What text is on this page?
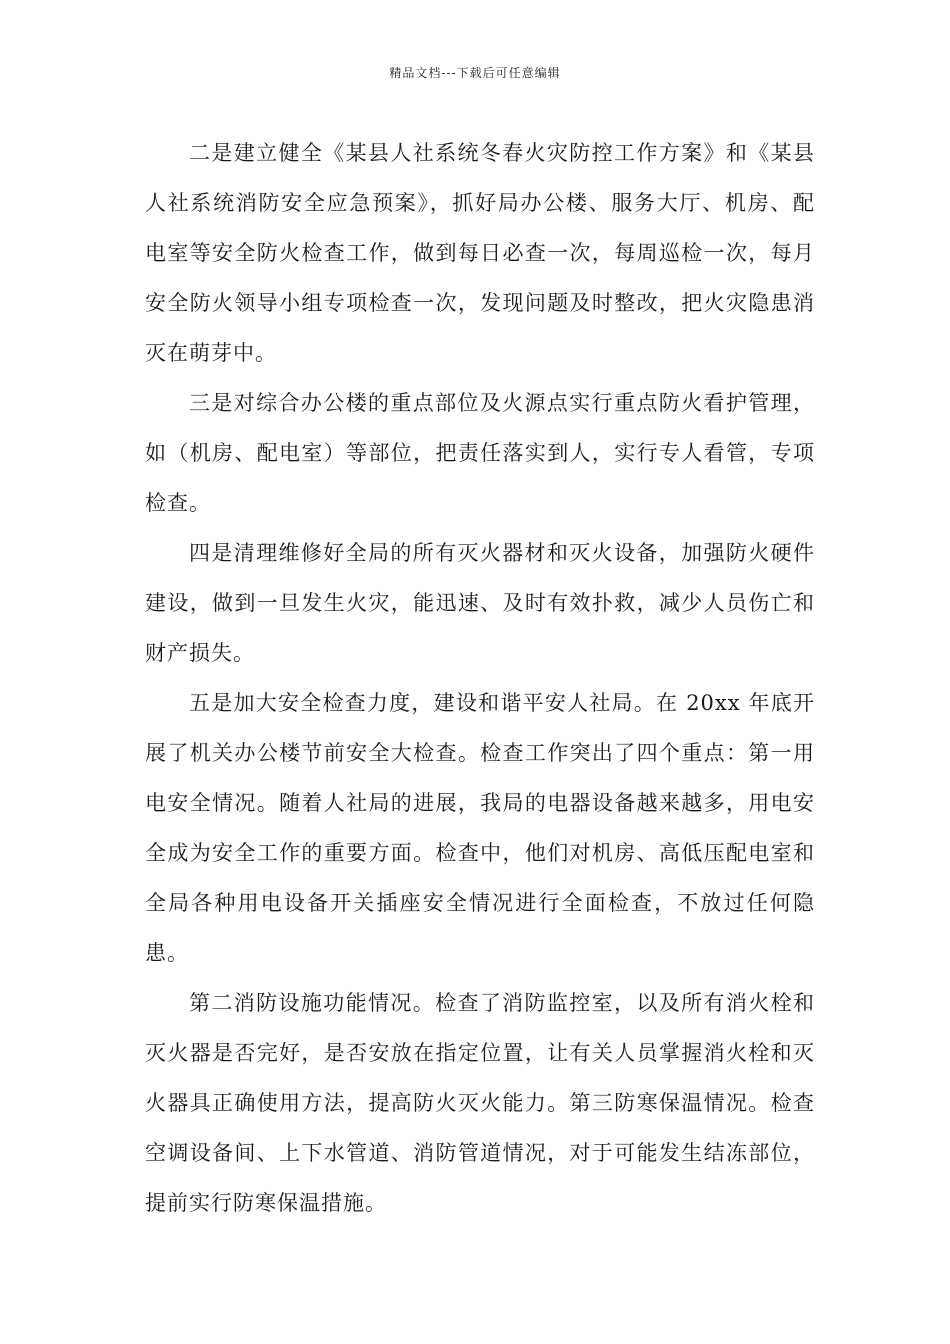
精品文档---下载后可任意编辑

二是建立健全《某县人社系统冬春火灾防控工作方案》和《某县人社系统消防安全应急预案》，抓好局办公楼、服务大厅、机房、配电室等安全防火检查工作，做到每日必查一次，每周巡检一次，每月安全防火领导小组专项检查一次，发现问题及时整改，把火灾隐患消灭在萌芽中。

三是对综合办公楼的重点部位及火源点实行重点防火看护管理，如（机房、配电室）等部位，把责任落实到人，实行专人看管，专项检查。

四是清理维修好全局的所有灭火器材和灭火设备，加强防火硬件建设，做到一旦发生火灾，能迅速、及时有效扑救，减少人员伤亡和财产损失。

五是加大安全检查力度，建设和谐平安人社局。在 20xx 年底开展了机关办公楼节前安全大检查。检查工作突出了四个重点：第一用电安全情况。随着人社局的进展，我局的电器设备越来越多，用电安全成为安全工作的重要方面。检查中，他们对机房、高低压配电室和全局各种用电设备开关插座安全情况进行全面检查，不放过任何隐患。

第二消防设施功能情况。检查了消防监控室，以及所有消火栓和灭火器是否完好，是否安放在指定位置，让有关人员掌握消火栓和灭火器具正确使用方法，提高防火灭火能力。第三防寒保温情况。检查空调设备间、上下水管道、消防管道情况，对于可能发生结冻部位，提前实行防寒保温措施。
